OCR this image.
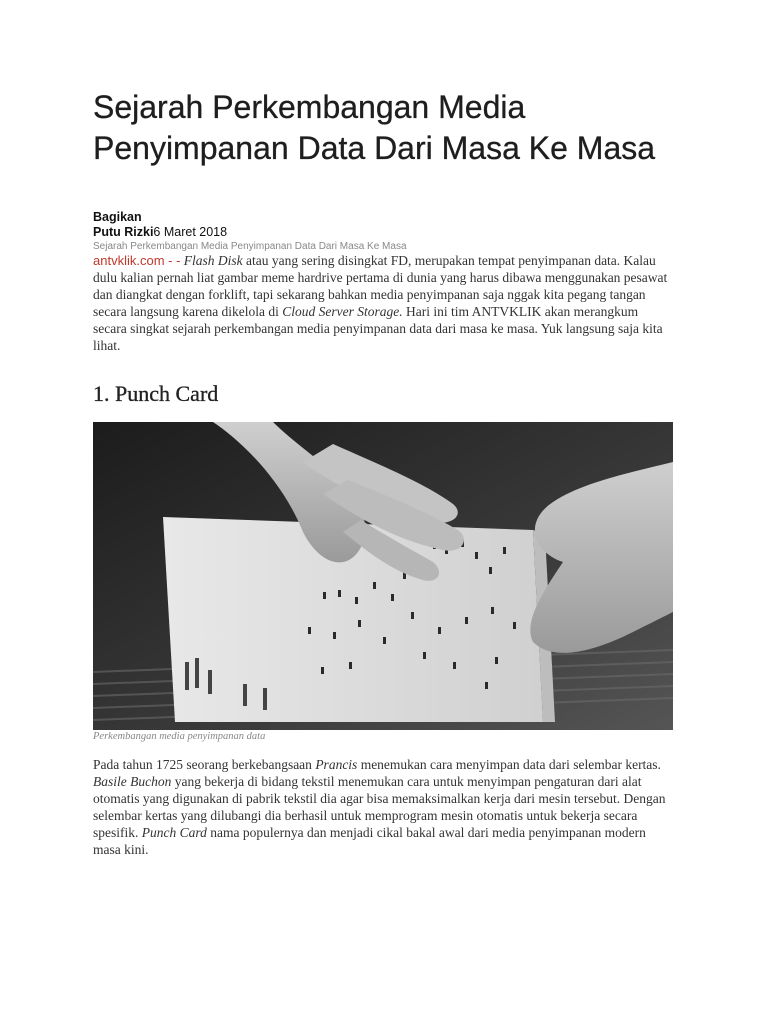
Sejarah Perkembangan Media Penyimpanan Data Dari Masa Ke Masa
Bagikan
Putu Rizki6 Maret 2018
Sejarah Perkembangan Media Penyimpanan Data Dari Masa Ke Masa

antvklik.com - - Flash Disk atau yang sering disingkat FD, merupakan tempat penyimpanan data. Kalau dulu kalian pernah liat gambar meme hardrive pertama di dunia yang harus dibawa menggunakan pesawat dan diangkat dengan forklift, tapi sekarang bahkan media penyimpanan saja nggak kita pegang tangan secara langsung karena dikelola di Cloud Server Storage. Hari ini tim ANTVKLIK akan merangkum secara singkat sejarah perkembangan media penyimpanan data dari masa ke masa. Yuk langsung saja kita lihat.

1. Punch Card
Perkembangan media penyimpanan data

Pada tahun 1725 seorang berkebangsaan Prancis menemukan cara menyimpan data dari selembar kertas. Basile Buchon yang bekerja di bidang tekstil menemukan cara untuk menyimpan pengaturan dari alat otomatis yang digunakan di pabrik tekstil dia agar bisa memaksimalkan kerja dari mesin tersebut. Dengan selembar kertas yang dilubangi dia berhasil untuk memprogram mesin otomatis untuk bekerja secara spesifik. Punch Card nama populernya dan menjadi cikal bakal awal dari media penyimpanan modern masa kini.
